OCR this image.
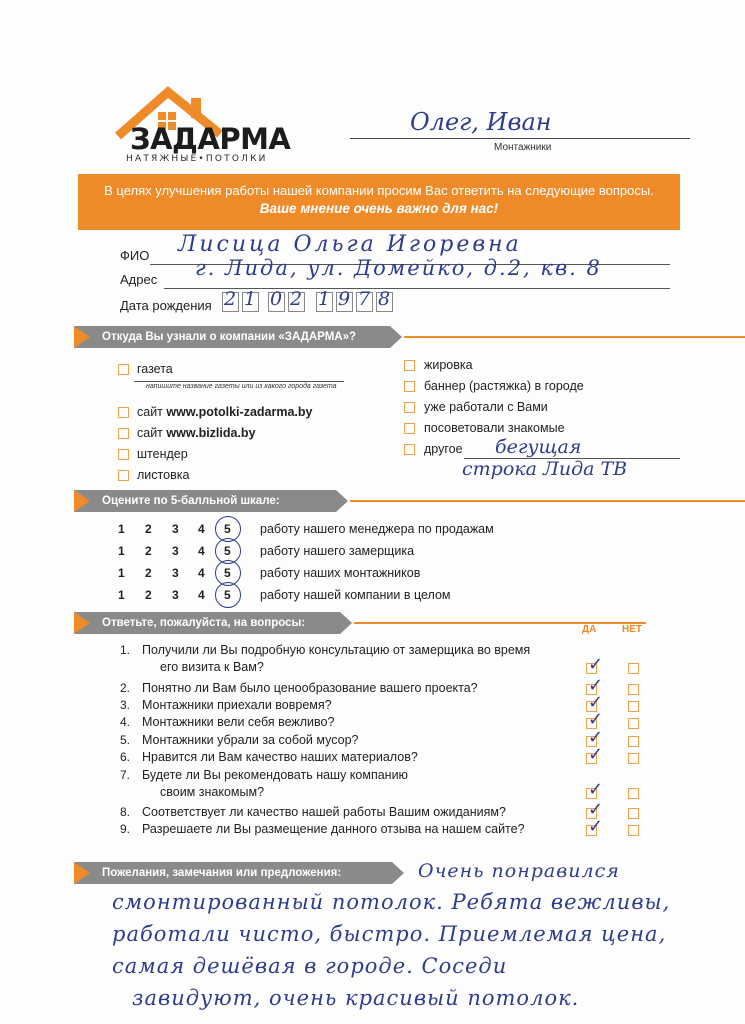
ЗАДАРМА
НАТЯЖНЫЕ•ПОТОЛКИ
Олег, Иван
Монтажники
В целях улучшения работы нашей компании просим Вас ответить на следующие вопросы.
Ваше мнение очень важно для нас!
ФИО Лисица Ольга Игоревна
Адрес г. Лида, ул. Домейко, д.2, кв. 8
Дата рождения 2 1 0 2 1 9 7 8
Откуда Вы узнали о компании «ЗАДАРМА»?
газета
сайт www.potolki-zadarma.by
сайт www.bizlida.by
штендер
листовка
напишите название газеты или из какого города газета
жировка
баннер (растяжка) в городе
уже работали с Вами
посоветовали знакомые
другое бегущая
строка Лида ТВ
Оцените по 5-балльной шкале:
1 2 3 4 5 работу нашего менеджера по продажам
1 2 3 4 5 работу нашего замерщика
1 2 3 4 5 работу наших монтажников
1 2 3 4 5 работу нашей компании в целом
Ответьте, пожалуйста, на вопросы:
ДА	НЕТ
1. Получили ли Вы подробную консультацию от замерщика во время
его визита к Вам?	✓
2. Понятно ли Вам было ценообразование вашего проекта?	✓
3. Монтажники приехали вовремя?	✓
4. Монтажники вели себя вежливо?	✓
5. Монтажники убрали за собой мусор?	✓
6. Нравится ли Вам качество наших материалов?	✓
7. Будете ли Вы рекомендовать нашу компанию
своим знакомым?	✓
8. Соответствует ли качество нашей работы Вашим ожиданиям?	✓
9. Разрешаете ли Вы размещение данного отзыва на нашем сайте?	✓
Пожелания, замечания или предложения:	Очень понравился
смонтированный потолок. Ребята вежливы,
работали чисто, быстро. Приемлемая цена,
самая дешёвая в городе. Соседи
завидуют, очень красивый потолок.
